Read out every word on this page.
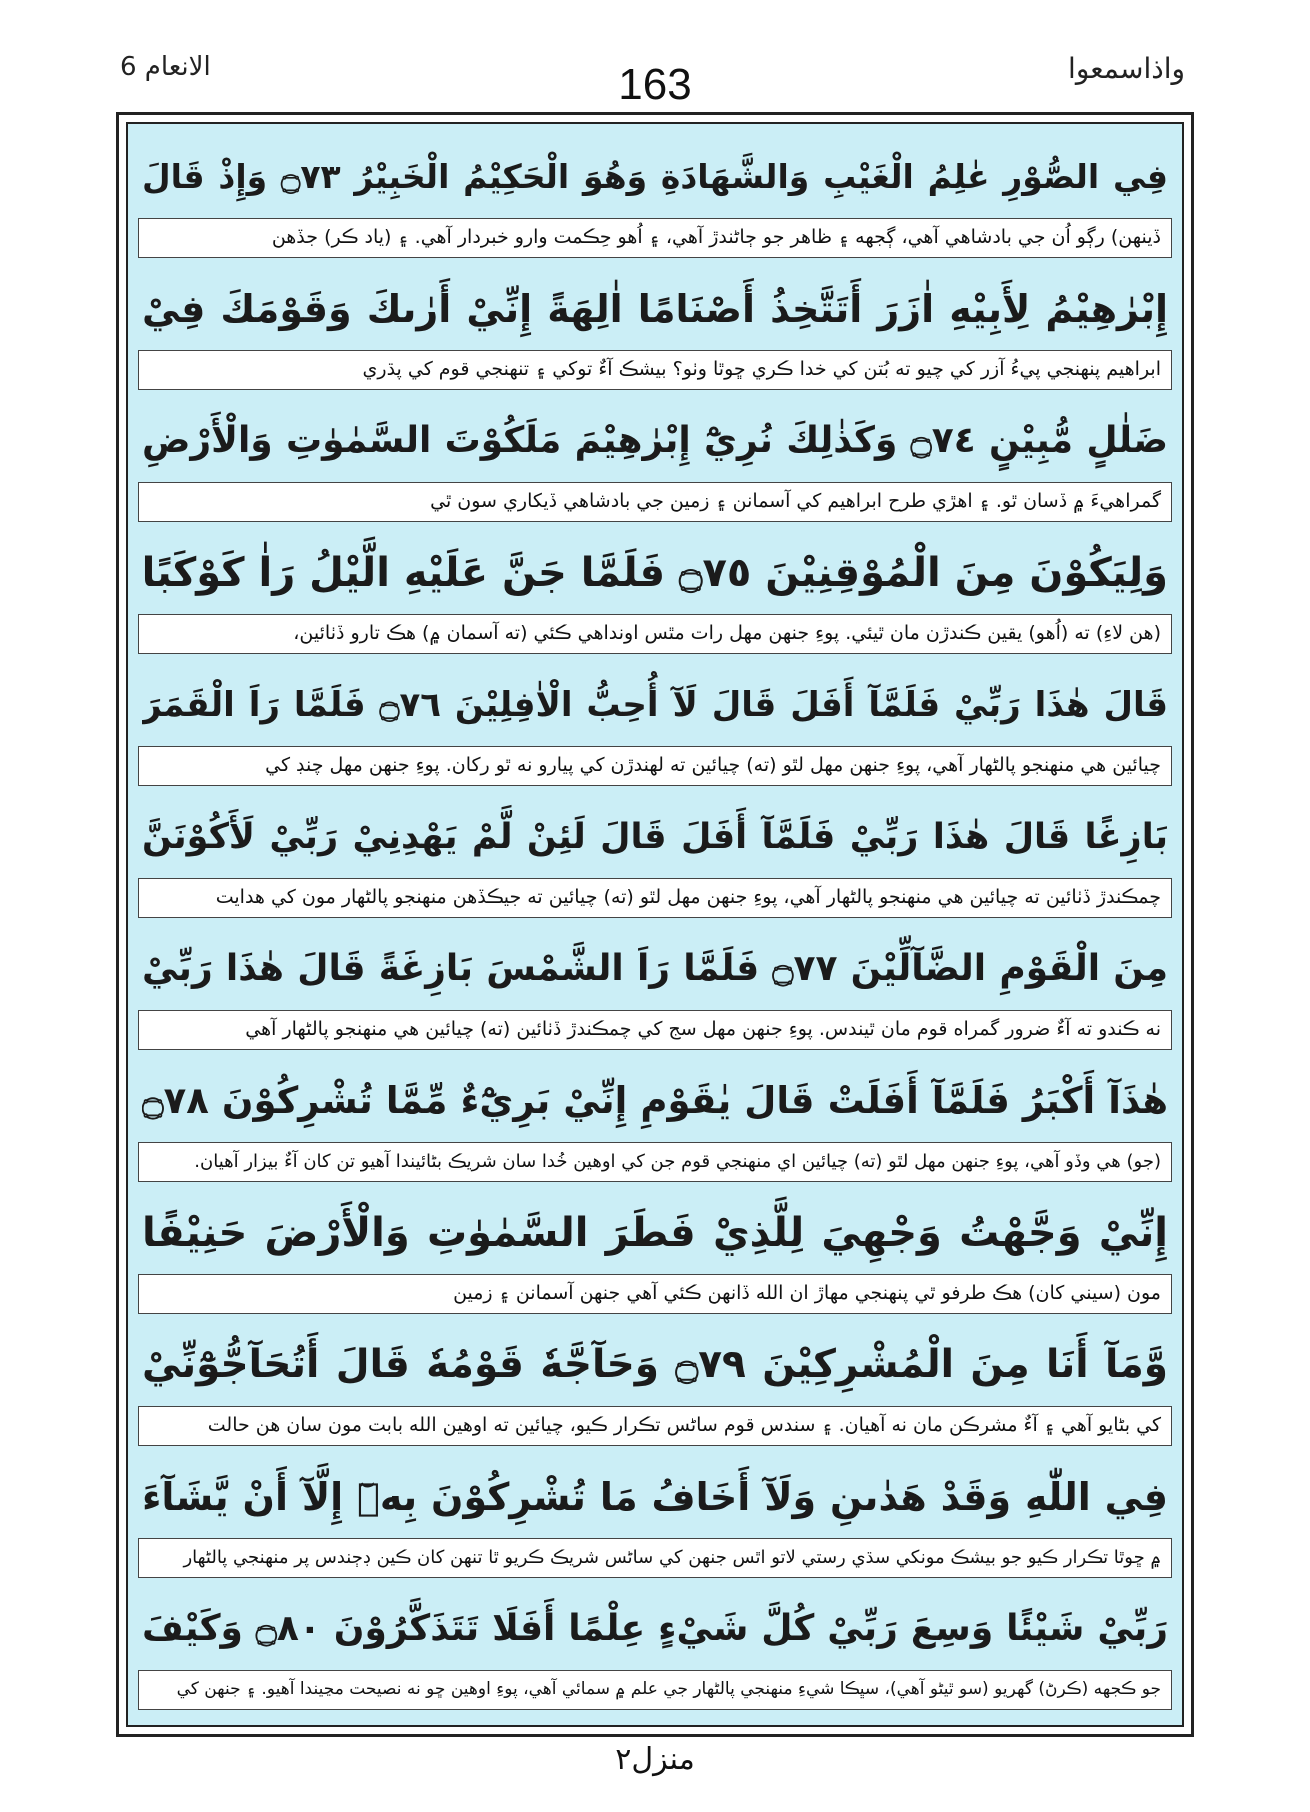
الانعام 6	163	واذاسمعوا
فِي الصُّوْرِ عٰلِمُ الْغَيْبِ وَالشَّهَادَةِ وَهُوَ الْحَكِيْمُ الْخَبِيْرُ ۝٧٣ وَإِذْ قَالَ
ڏينهن) رڳو اُن جي بادشاهي آهي، ڳجهه ۽ ظاهر جو ڄاڻندڙ آهي، ۽ اُهو حِڪمت وارو خبردار آهي. ۽ (ياد ڪر) جڏهن
إِبْرٰهِيْمُ لِأَبِيْهِ اٰزَرَ أَتَتَّخِذُ أَصْنَامًا اٰلِهَةً إِنِّيْ أَرٰىكَ وَقَوْمَكَ فِيْ
ابراهيم پنهنجي پيءُ آزر کي چيو ته بُتن کي خدا ڪري ڇوٿا وٺو؟ بيشڪ آءٌ توکي ۽ تنهنجي قوم کي پڌري
ضَلٰلٍ مُّبِيْنٍ ۝٧٤ وَكَذٰلِكَ نُرِيْٓ إِبْرٰهِيْمَ مَلَكُوْتَ السَّمٰوٰتِ وَالْأَرْضِ
گمراهيءَ ۾ ڏسان ٿو. ۽ اهڙي طرح ابراهيم کي آسمانن ۽ زمين جي بادشاهي ڏيکاري سون ٿي
وَلِيَكُوْنَ مِنَ الْمُوْقِنِيْنَ ۝٧٥ فَلَمَّا جَنَّ عَلَيْهِ الَّيْلُ رَاٰ كَوْكَبًا
(هن لاءِ) ته (اُهو) يقين ڪندڙن مان ٿيئي. پوءِ جنهن مهل رات مٿس اونداهي ڪئي (ته آسمان ۾) هڪ تارو ڏٺائين،
قَالَ هٰذَا رَبِّيْ فَلَمَّآ أَفَلَ قَالَ لَآ أُحِبُّ الْاٰفِلِيْنَ ۝٧٦ فَلَمَّا رَاَ الْقَمَرَ
چيائين هي منهنجو پالڻهار آهي، پوءِ جنهن مهل لٿو (ته) چيائين ته لهندڙن کي پيارو نه ٿو رکان. پوءِ جنهن مهل چنڊ کي
بَازِغًا قَالَ هٰذَا رَبِّيْ فَلَمَّآ أَفَلَ قَالَ لَئِنْ لَّمْ يَهْدِنِيْ رَبِّيْ لَأَكُوْنَنَّ
چمڪندڙ ڏٺائين ته چيائين هي منهنجو پالڻهار آهي، پوءِ جنهن مهل لٿو (ته) چيائين ته جيڪڏهن منهنجو پالڻهار مون کي هدايت
مِنَ الْقَوْمِ الضَّآلِّيْنَ ۝٧٧ فَلَمَّا رَاَ الشَّمْسَ بَازِغَةً قَالَ هٰذَا رَبِّيْ
نه ڪندو ته آءٌ ضرور گمراه قوم مان ٿيندس. پوءِ جنهن مهل سج کي چمڪندڙ ڏٺائين (ته) چيائين هي منهنجو پالڻهار آهي
هٰذَآ أَكْبَرُ فَلَمَّآ أَفَلَتْ قَالَ يٰقَوْمِ إِنِّيْ بَرِيْٓءٌ مِّمَّا تُشْرِكُوْنَ ۝٧٨
(جو) هي وڏو آهي، پوءِ جنهن مهل لٿو (ته) چيائين اي منهنجي قوم جن کي اوهين خُدا سان شريڪ بڻائيندا آهيو تن کان آءٌ بيزار آهيان.
إِنِّيْ وَجَّهْتُ وَجْهِيَ لِلَّذِيْ فَطَرَ السَّمٰوٰتِ وَالْأَرْضَ حَنِيْفًا
مون (سيني کان) هڪ طرفو ٿي پنهنجي مهاڙ ان الله ڏانهن ڪئي آهي جنهن آسمانن ۽ زمين
وَّمَآ أَنَا مِنَ الْمُشْرِكِيْنَ ۝٧٩ وَحَآجَّهٗ قَوْمُهٗ قَالَ أَتُحَآجُّوْٓنِّيْ
کي بڻايو آهي ۽ آءٌ مشرڪن مان نه آهيان. ۽ سندس قوم ساڻس تڪرار ڪيو، چيائين ته اوهين الله بابت مون سان هن حالت
فِي اللّٰهِ وَقَدْ هَدٰىنِ وَلَآ أَخَافُ مَا تُشْرِكُوْنَ بِهٖٓ إِلَّآ أَنْ يَّشَآءَ
۾ ڇوٿا تڪرار ڪيو جو بيشڪ مونکي سڌي رستي لاتو اٿس جنهن کي ساڻس شريڪ ڪريو ٿا تنهن کان ڪين ڊڄندس پر منهنجي پالڻهار
رَبِّيْ شَيْئًا وَسِعَ رَبِّيْ كُلَّ شَيْءٍ عِلْمًا أَفَلَا تَتَذَكَّرُوْنَ ۝٨٠ وَكَيْفَ
جو ڪجهه (ڪرڻ) گهريو (سو ٿيڻو آهي)، سڀڪا شيءِ منهنجي پالڻهار جي علم ۾ سمائي آهي، پوءِ اوهين ڇو نه نصيحت مڃيندا آهيو. ۽ جنهن کي
منزل۲
